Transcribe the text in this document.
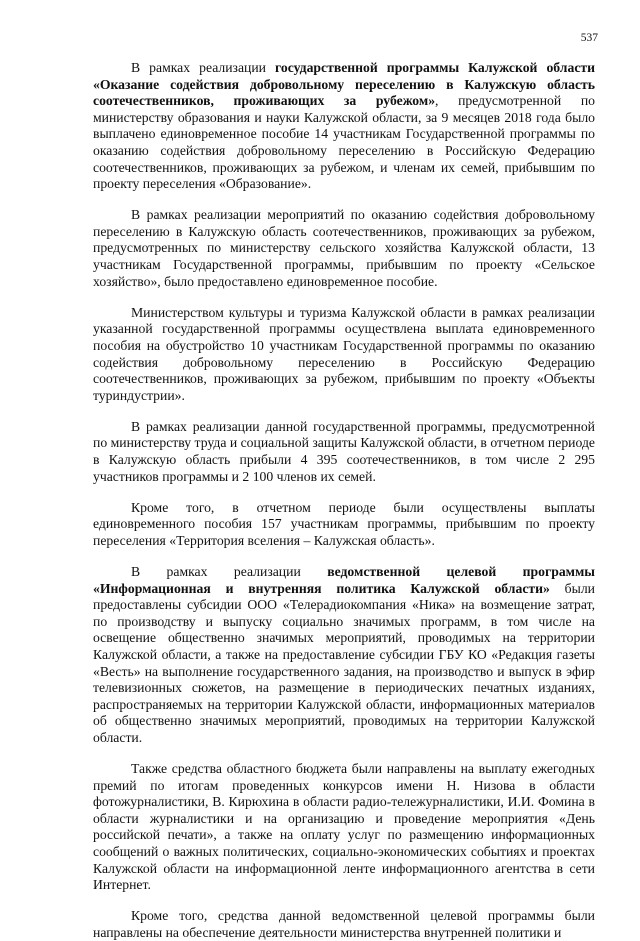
537

В рамках реализации государственной программы Калужской области «Оказание содействия добровольному переселению в Калужскую область соотечественников, проживающих за рубежом», предусмотренной по министерству образования и науки Калужской области, за 9 месяцев 2018 года было выплачено единовременное пособие 14 участникам Государственной программы по оказанию содействия добровольному переселению в Российскую Федерацию соотечественников, проживающих за рубежом, и членам их семей, прибывшим по проекту переселения «Образование».

В рамках реализации мероприятий по оказанию содействия добровольному переселению в Калужскую область соотечественников, проживающих за рубежом, предусмотренных по министерству сельского хозяйства Калужской области, 13 участникам Государственной программы, прибывшим по проекту «Сельское хозяйство», было предоставлено единовременное пособие.

Министерством культуры и туризма Калужской области в рамках реализации указанной государственной программы осуществлена выплата единовременного пособия на обустройство 10 участникам Государственной программы по оказанию содействия добровольному переселению в Российскую Федерацию соотечественников, проживающих за рубежом, прибывшим по проекту «Объекты туриндустрии».

В рамках реализации данной государственной программы, предусмотренной по министерству труда и социальной защиты Калужской области, в отчетном периоде в Калужскую область прибыли 4 395 соотечественников, в том числе 2 295 участников программы и 2 100 членов их семей.

Кроме того, в отчетном периоде были осуществлены выплаты единовременного пособия 157 участникам программы, прибывшим по проекту переселения «Территория вселения – Калужская область».

В рамках реализации ведомственной целевой программы «Информационная и внутренняя политика Калужской области» были предоставлены субсидии ООО «Телерадиокомпания «Ника» на возмещение затрат, по производству и выпуску социально значимых программ, в том числе на освещение общественно значимых мероприятий, проводимых на территории Калужской области, а также на предоставление субсидии ГБУ КО «Редакция газеты «Весть» на выполнение государственного задания, на производство и выпуск в эфир телевизионных сюжетов, на размещение в периодических печатных изданиях, распространяемых на территории Калужской области, информационных материалов об общественно значимых мероприятий, проводимых на территории Калужской области.

Также средства областного бюджета были направлены на выплату ежегодных премий по итогам проведенных конкурсов имени Н. Низова в области фотожурналистики, В. Кирюхина в области радио-тележурналистики, И.И. Фомина в области журналистики и на организацию и проведение мероприятия «День российской печати», а также на оплату услуг по размещению информационных сообщений о важных политических, социально-экономических событиях и проектах Калужской области на информационной ленте информационного агентства в сети Интернет.

Кроме того, средства данной ведомственной целевой программы были направлены на обеспечение деятельности министерства внутренней политики и
